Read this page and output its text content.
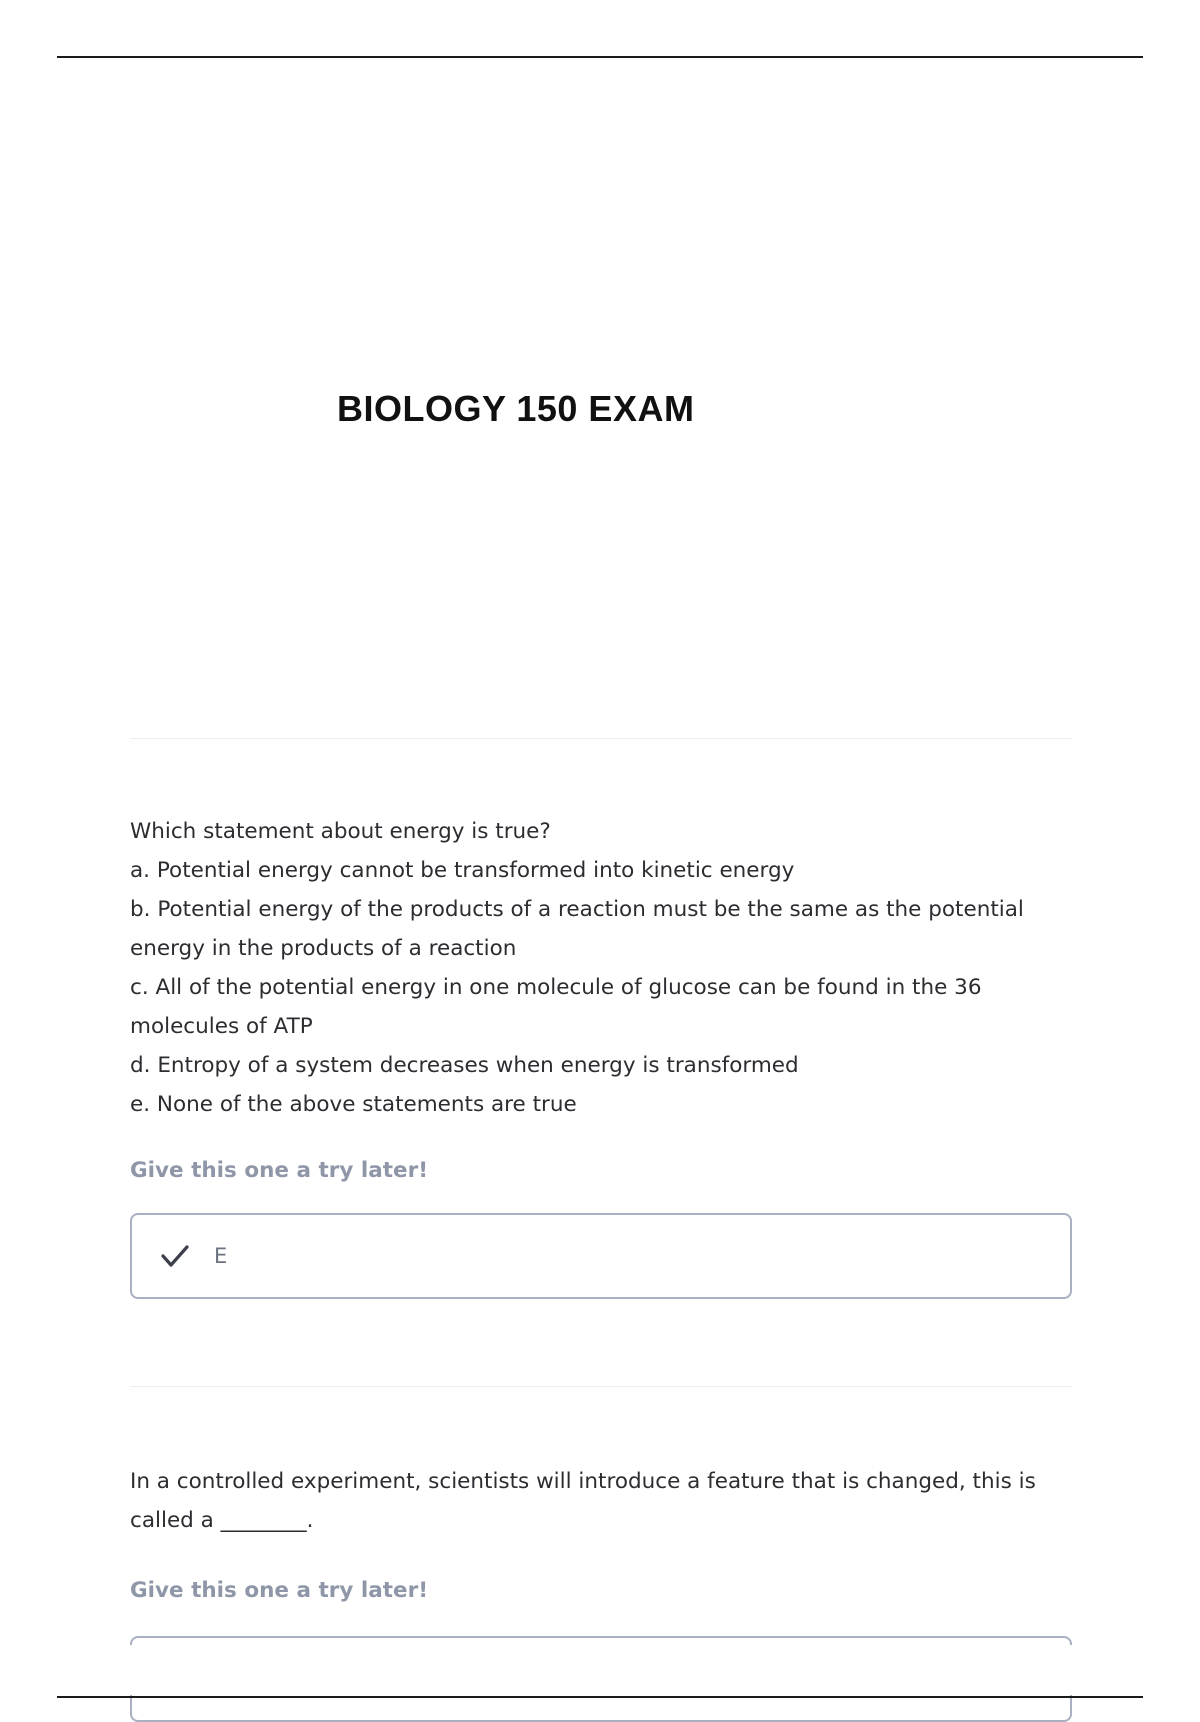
BIOLOGY 150 EXAM

Which statement about energy is true?

a. Potential energy cannot be transformed into kinetic energy

b. Potential energy of the products of a reaction must be the same as the potential energy in the products of a reaction

c. All of the potential energy in one molecule of glucose can be found in the 36 molecules of ATP

d. Entropy of a system decreases when energy is transformed

e. None of the above statements are true

Give this one a try later!
E

In a controlled experiment, scientists will introduce a feature that is changed, this is called a ________.

Give this one a try later!
